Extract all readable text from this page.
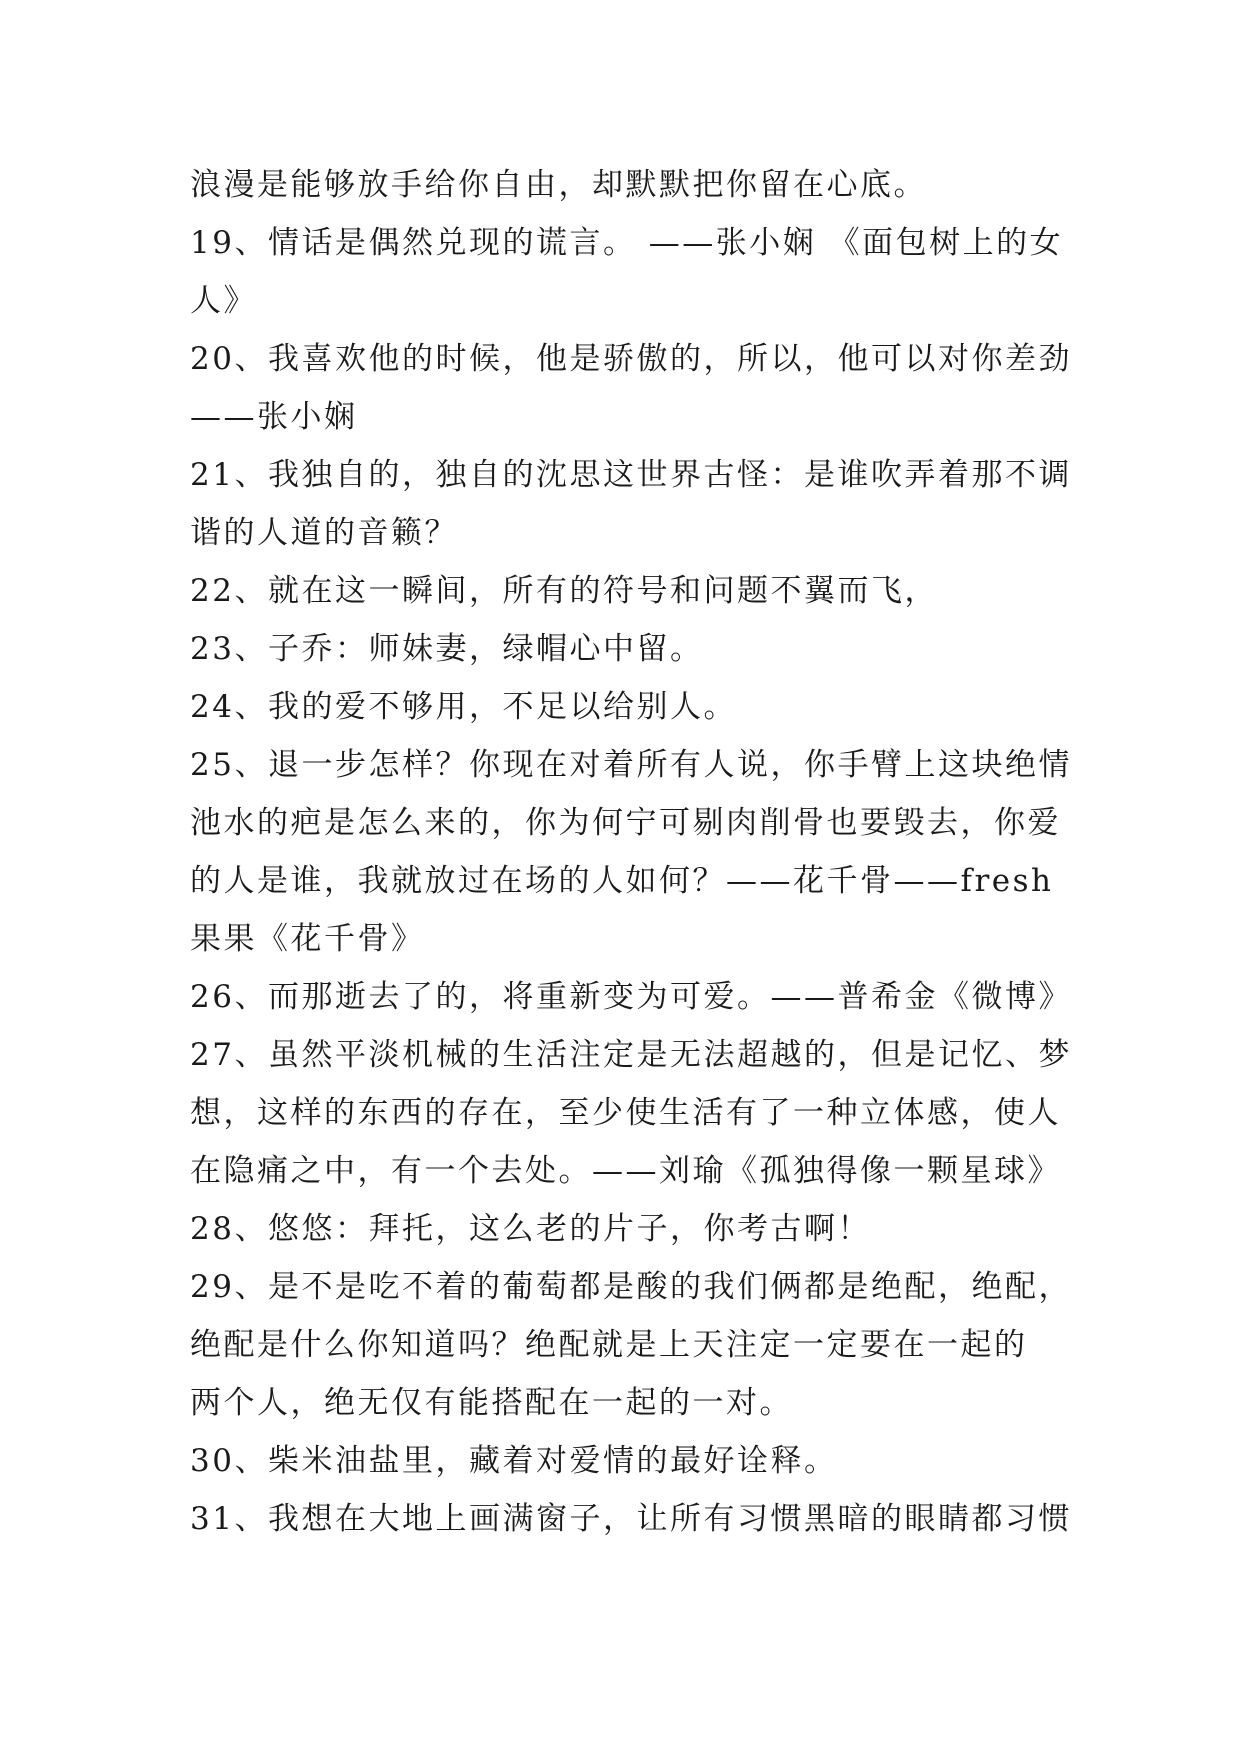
浪漫是能够放手给你自由，却默默把你留在心底。
19、情话是偶然兑现的谎言。 ——张小娴 《面包树上的女
人》
20、我喜欢他的时候，他是骄傲的，所以，他可以对你差劲
——张小娴
21、我独自的，独自的沈思这世界古怪：是谁吹弄着那不调
谐的人道的音籁？
22、就在这一瞬间，所有的符号和问题不翼而飞，
23、子乔：师妹妻，绿帽心中留。
24、我的爱不够用，不足以给别人。
25、退一步怎样？你现在对着所有人说，你手臂上这块绝情
池水的疤是怎么来的，你为何宁可剔肉削骨也要毁去，你爱
的人是谁，我就放过在场的人如何？——花千骨——fresh
果果《花千骨》
26、而那逝去了的，将重新变为可爱。——普希金《微博》
27、虽然平淡机械的生活注定是无法超越的，但是记忆、梦
想，这样的东西的存在，至少使生活有了一种立体感，使人
在隐痛之中，有一个去处。——刘瑜《孤独得像一颗星球》
28、悠悠：拜托，这么老的片子，你考古啊！
29、是不是吃不着的葡萄都是酸的我们俩都是绝配，绝配，
绝配是什么你知道吗？绝配就是上天注定一定要在一起的
两个人，绝无仅有能搭配在一起的一对。
30、柴米油盐里，藏着对爱情的最好诠释。
31、我想在大地上画满窗子，让所有习惯黑暗的眼睛都习惯
